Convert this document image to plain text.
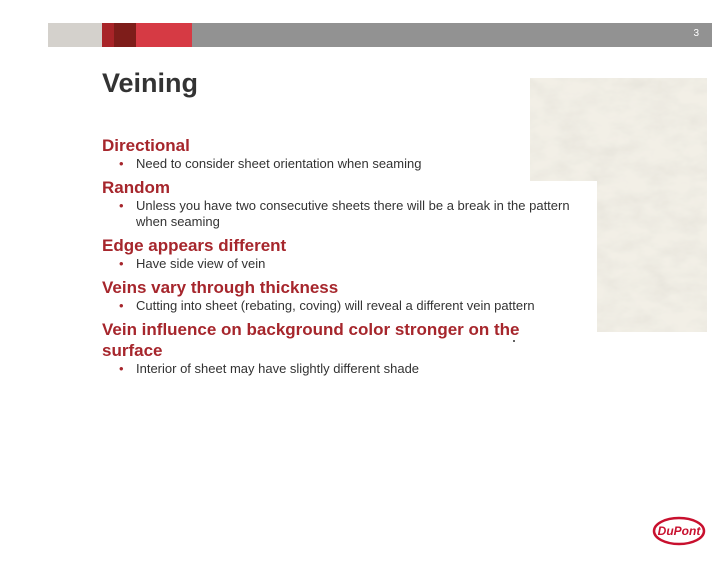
3
Veining

Directional

• Need to consider sheet orientation when seaming

Random

• Unless you have two consecutive sheets there will be a break in the pattern when seaming

Edge appears different

• Have side view of vein

Veins vary through thickness

• Cutting into sheet (rebating, coving) will reveal a different vein pattern

Vein influence on background color stronger on the surface

• Interior of sheet may have slightly different shade

DuPont
